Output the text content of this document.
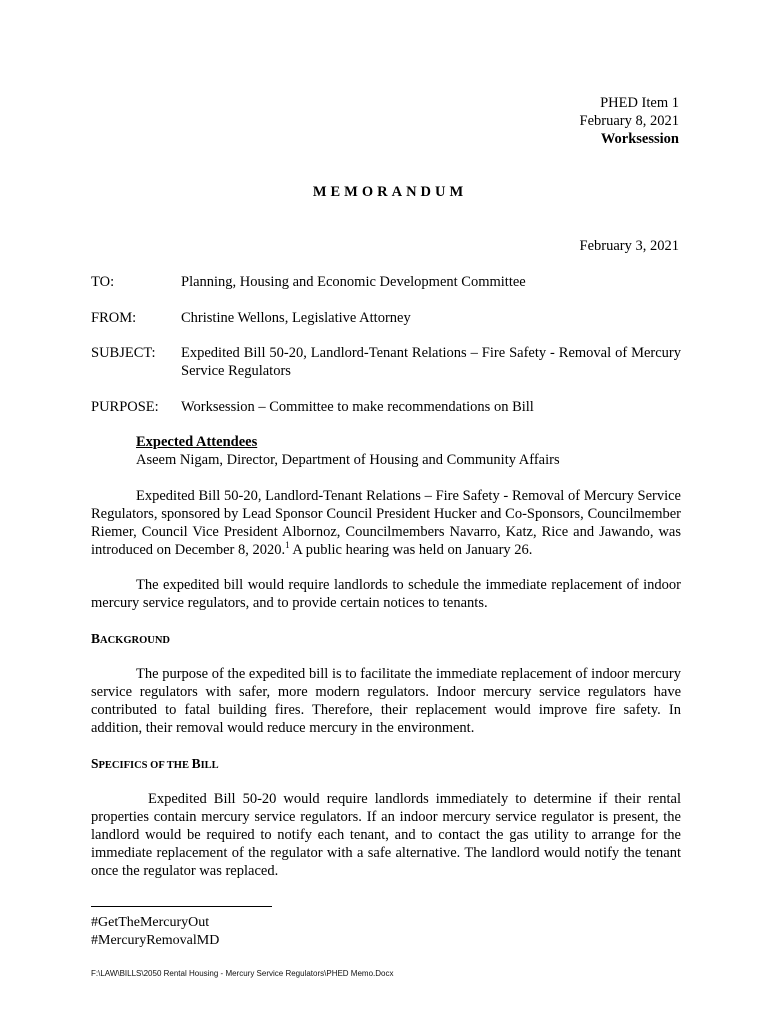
PHED Item 1
February 8, 2021
Worksession
MEMORANDUM
February 3, 2021
TO:	Planning, Housing and Economic Development Committee
FROM:	Christine Wellons, Legislative Attorney
SUBJECT: Expedited Bill 50-20, Landlord-Tenant Relations – Fire Safety - Removal of Mercury Service Regulators
PURPOSE: Worksession – Committee to make recommendations on Bill
Expected Attendees
Aseem Nigam, Director, Department of Housing and Community Affairs
Expedited Bill 50-20, Landlord-Tenant Relations – Fire Safety - Removal of Mercury Service Regulators, sponsored by Lead Sponsor Council President Hucker and Co-Sponsors, Councilmember Riemer, Council Vice President Albornoz, Councilmembers Navarro, Katz, Rice and Jawando, was introduced on December 8, 2020.$^1$ A public hearing was held on January 26.
The expedited bill would require landlords to schedule the immediate replacement of indoor mercury service regulators, and to provide certain notices to tenants.
BACKGROUND
The purpose of the expedited bill is to facilitate the immediate replacement of indoor mercury service regulators with safer, more modern regulators. Indoor mercury service regulators have contributed to fatal building fires. Therefore, their replacement would improve fire safety. In addition, their removal would reduce mercury in the environment.
SPECIFICS OF THE BILL
Expedited Bill 50-20 would require landlords immediately to determine if their rental properties contain mercury service regulators. If an indoor mercury service regulator is present, the landlord would be required to notify each tenant, and to contact the gas utility to arrange for the immediate replacement of the regulator with a safe alternative. The landlord would notify the tenant once the regulator was replaced.
#GetTheMercuryOut
#MercuryRemovalMD
F:\LAW\BILLS\2050 Rental Housing - Mercury Service Regulators\PHED Memo.Docx
